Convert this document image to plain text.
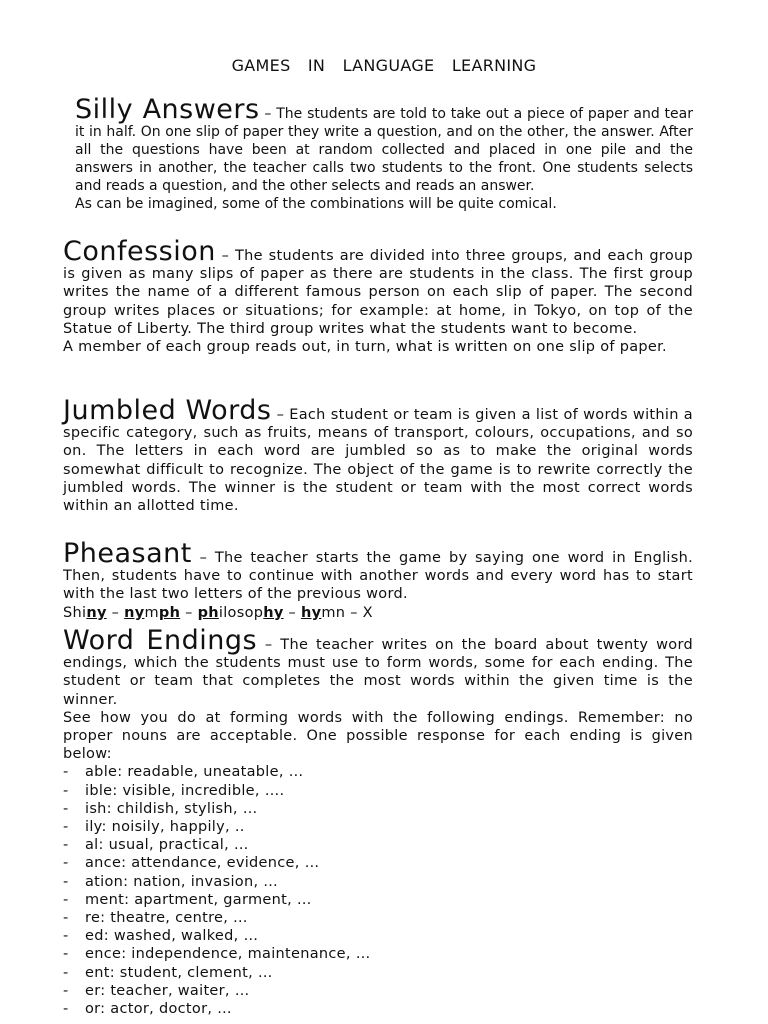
GAMES IN LANGUAGE LEARNING

Silly Answers – The students are told to take out a piece of paper and tear it in half. On one slip of paper they write a question, and on the other, the answer. After all the questions have been at random collected and placed in one pile and the answers in another, the teacher calls two students to the front. One students selects and reads a question, and the other selects and reads an answer.

As can be imagined, some of the combinations will be quite comical.

Confession – The students are divided into three groups, and each group is given as many slips of paper as there are students in the class. The first group writes the name of a different famous person on each slip of paper. The second group writes places or situations; for example: at home, in Tokyo, on top of the Statue of Liberty. The third group writes what the students want to become.

A member of each group reads out, in turn, what is written on one slip of paper.

Jumbled Words – Each student or team is given a list of words within a specific category, such as fruits, means of transport, colours, occupations, and so on. The letters in each word are jumbled so as to make the original words somewhat difficult to recognize. The object of the game is to rewrite correctly the jumbled words. The winner is the student or team with the most correct words within an allotted time.

Pheasant – The teacher starts the game by saying one word in English. Then, students have to continue with another words and every word has to start with the last two letters of the previous word.

Shiny – nymph – philosophy – hymn – X

Word Endings – The teacher writes on the board about twenty word endings, which the students must use to form words, some for each ending. The student or team that completes the most words within the given time is the winner.

See how you do at forming words with the following endings. Remember: no proper nouns are acceptable. One possible response for each ending is given below:

-	able: readable, uneatable, …
-	ible: visible, incredible, ….
-	ish: childish, stylish, …
-	ily: noisily, happily, ..
-	al: usual, practical, …
-	ance: attendance, evidence, …
-	ation: nation, invasion, …
-	ment: apartment, garment, …
-	re: theatre, centre, …
-	ed: washed, walked, …
-	ence: independence, maintenance, …
-	ent: student, clement, …
-	er: teacher, waiter, …
-	or: actor, doctor, …
